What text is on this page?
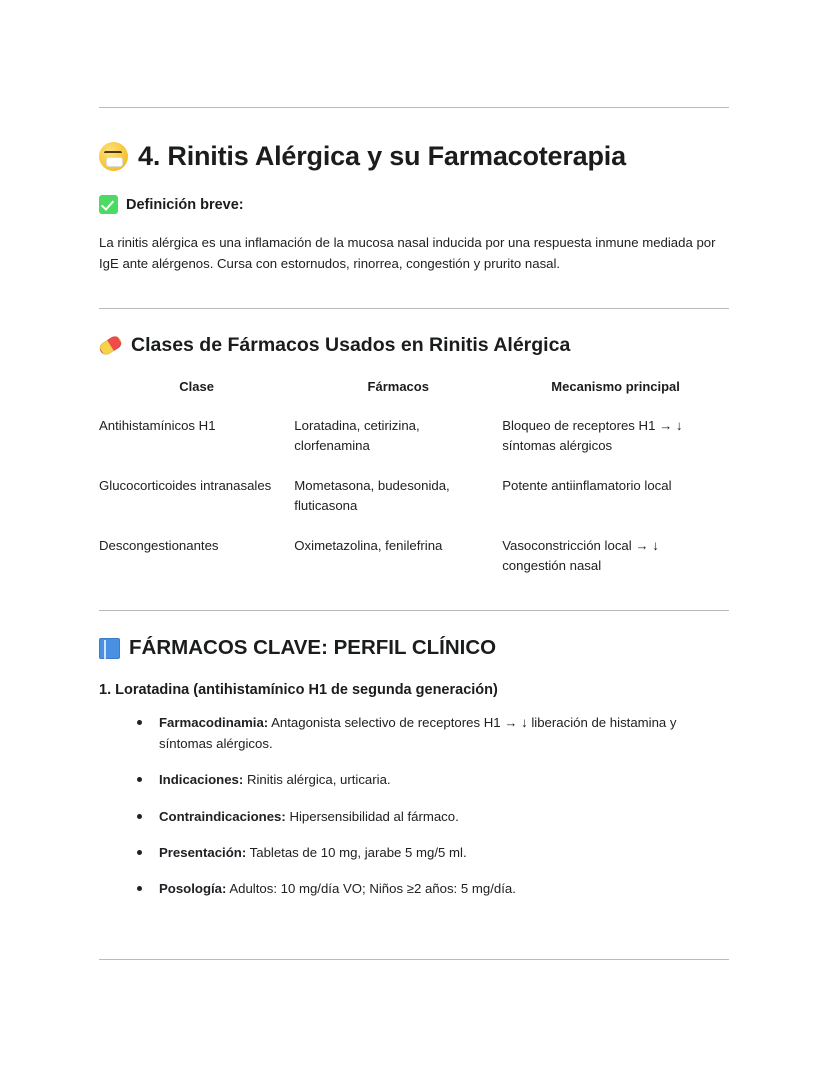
4. Rinitis Alérgica y su Farmacoterapia
Definición breve:

La rinitis alérgica es una inflamación de la mucosa nasal inducida por una respuesta inmune mediada por IgE ante alérgenos. Cursa con estornudos, rinorrea, congestión y prurito nasal.

Clases de Fármacos Usados en Rinitis Alérgica
Clase	Fármacos	Mecanismo principal
Antihistamínicos H1	Loratadina, cetirizina, clorfenamina	Bloqueo de receptores H1 → ↓ síntomas alérgicos
Glucocorticoides intranasales	Mometasona, budesonida, fluticasona	Potente antiinflamatorio local
Descongestionantes	Oximetazolina, fenilefrina	Vasoconstricción local → ↓ congestión nasal
FÁRMACOS CLAVE: PERFIL CLÍNICO
1. Loratadina (antihistamínico H1 de segunda generación)
Farmacodinamia: Antagonista selectivo de receptores H1 → ↓ liberación de histamina y síntomas alérgicos.
Indicaciones: Rinitis alérgica, urticaria.
Contraindicaciones: Hipersensibilidad al fármaco.
Presentación: Tabletas de 10 mg, jarabe 5 mg/5 ml.
Posología: Adultos: 10 mg/día VO; Niños ≥2 años: 5 mg/día.
